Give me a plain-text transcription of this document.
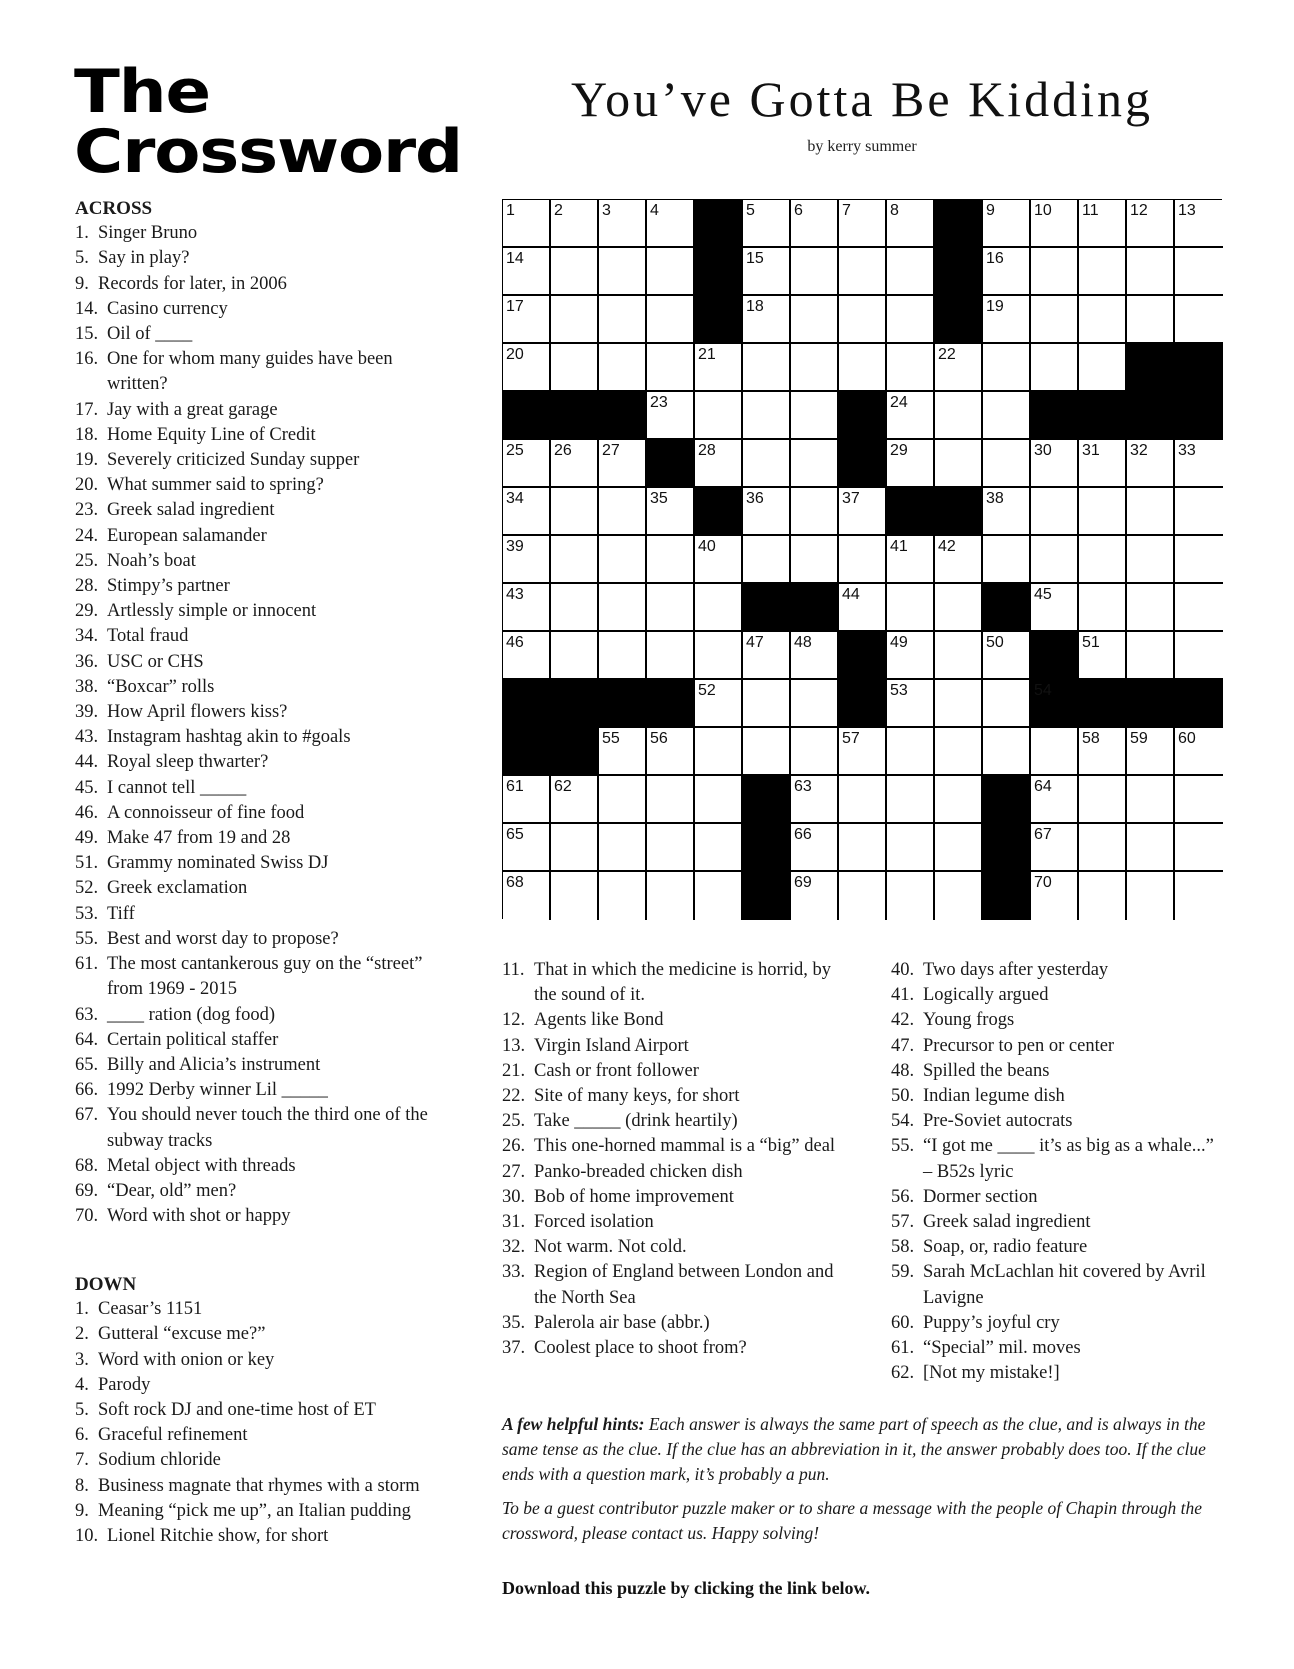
The
Crossword
You’ve Gotta Be Kidding
by kerry summer
ACROSS
1. Singer Bruno
5. Say in play?
9. Records for later, in 2006
14. Casino currency
15. Oil of ____
16. One for whom many guides have been written?
17. Jay with a great garage
18. Home Equity Line of Credit
19. Severely criticized Sunday supper
20. What summer said to spring?
23. Greek salad ingredient
24. European salamander
25. Noah’s boat
28. Stimpy’s partner
29. Artlessly simple or innocent
34. Total fraud
36. USC or CHS
38. “Boxcar” rolls
39. How April flowers kiss?
43. Instagram hashtag akin to #goals
44. Royal sleep thwarter?
45. I cannot tell _____
46. A connoisseur of fine food
49. Make 47 from 19 and 28
51. Grammy nominated Swiss DJ
52. Greek exclamation
53. Tiff
55. Best and worst day to propose?
61. The most cantankerous guy on the “street” from 1969 - 2015
63. ____ ration (dog food)
64. Certain political staffer
65. Billy and Alicia’s instrument
66. 1992 Derby winner Lil _____
67. You should never touch the third one of the subway tracks
68. Metal object with threads
69. “Dear, old” men?
70. Word with shot or happy
DOWN
1. Ceasar’s 1151
2. Gutteral “excuse me?”
3. Word with onion or key
4. Parody
5. Soft rock DJ and one-time host of ET
6. Graceful refinement
7. Sodium chloride
8. Business magnate that rhymes with a storm
9. Meaning “pick me up”, an Italian pudding
10. Lionel Ritchie show, for short
1 2 3 4	5 6 7 8	9 10 11 12 13
14	15	16
17	18	19
20	21	22
23	24
25 26 27	28	29	30 31 32 33
34	35	36	37	38
39	40	41 42
43	44	45
46	47 48	49	50	51
52	53	54
55 56	57	58 59 60
61 62	63	64
65	66	67
68	69	70
11. That in which the medicine is horrid, by the sound of it.
12. Agents like Bond
13. Virgin Island Airport
21. Cash or front follower
22. Site of many keys, for short
25. Take _____ (drink heartily)
26. This one-horned mammal is a “big” deal
27. Panko-breaded chicken dish
30. Bob of home improvement
31. Forced isolation
32. Not warm. Not cold.
33. Region of England between London and the North Sea
35. Palerola air base (abbr.)
37. Coolest place to shoot from?
40. Two days after yesterday
41. Logically argued
42. Young frogs
47. Precursor to pen or center
48. Spilled the beans
50. Indian legume dish
54. Pre-Soviet autocrats
55. “I got me ____ it’s as big as a whale...” – B52s lyric
56. Dormer section
57. Greek salad ingredient
58. Soap, or, radio feature
59. Sarah McLachlan hit covered by Avril Lavigne
60. Puppy’s joyful cry
61. “Special” mil. moves
62. [Not my mistake!]
A few helpful hints: Each answer is always the same part of speech as the clue, and is always in the same tense as the clue. If the clue has an abbreviation in it, the answer probably does too. If the clue ends with a question mark, it’s probably a pun.
To be a guest contributor puzzle maker or to share a message with the people of Chapin through the crossword, please contact us. Happy solving!
Download this puzzle by clicking the link below.
